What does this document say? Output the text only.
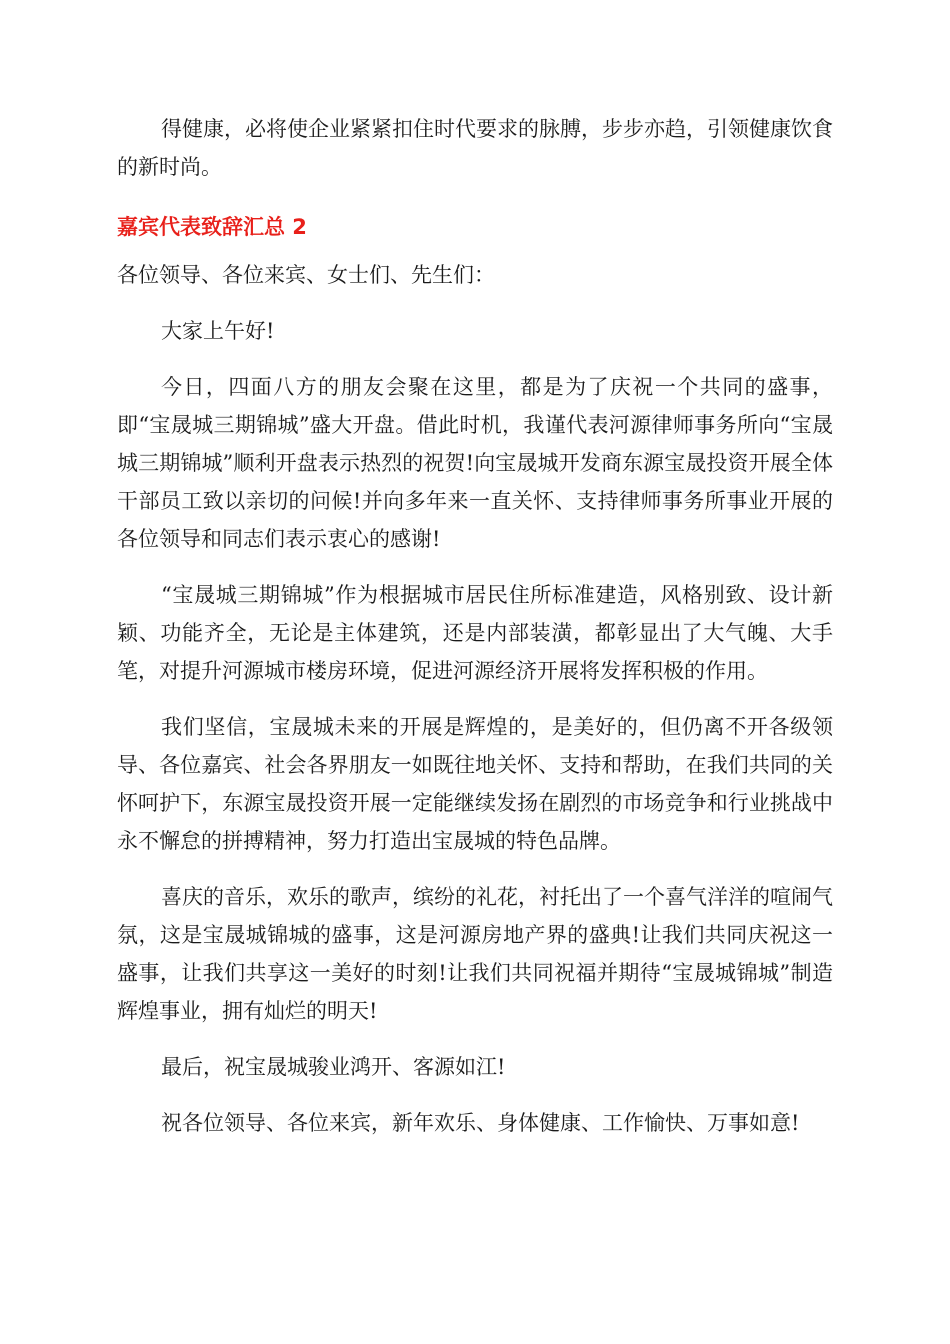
得健康，必将使企业紧紧扣住时代要求的脉膊，步步亦趋，引领健康饮食的新时尚。

嘉宾代表致辞汇总 2

各位领导、各位来宾、女士们、先生们：

大家上午好!

今日，四面八方的朋友会聚在这里，都是为了庆祝一个共同的盛事，即“宝晟城三期锦城”盛大开盘。借此时机，我谨代表河源律师事务所向“宝晟城三期锦城”顺利开盘表示热烈的祝贺!向宝晟城开发商东源宝晟投资开展全体干部员工致以亲切的问候!并向多年来一直关怀、支持律师事务所事业开展的各位领导和同志们表示衷心的感谢!

“宝晟城三期锦城”作为根据城市居民住所标准建造，风格别致、设计新颖、功能齐全，无论是主体建筑，还是内部装潢，都彰显出了大气魄、大手笔，对提升河源城市楼房环境，促进河源经济开展将发挥积极的作用。

我们坚信，宝晟城未来的开展是辉煌的，是美好的，但仍离不开各级领导、各位嘉宾、社会各界朋友一如既往地关怀、支持和帮助，在我们共同的关怀呵护下，东源宝晟投资开展一定能继续发扬在剧烈的市场竞争和行业挑战中永不懈怠的拼搏精神，努力打造出宝晟城的特色品牌。

喜庆的音乐，欢乐的歌声，缤纷的礼花，衬托出了一个喜气洋洋的喧闹气氛，这是宝晟城锦城的盛事，这是河源房地产界的盛典!让我们共同庆祝这一盛事，让我们共享这一美好的时刻!让我们共同祝福并期待“宝晟城锦城”制造辉煌事业，拥有灿烂的明天!

最后，祝宝晟城骏业鸿开、客源如江!

祝各位领导、各位来宾，新年欢乐、身体健康、工作愉快、万事如意!
